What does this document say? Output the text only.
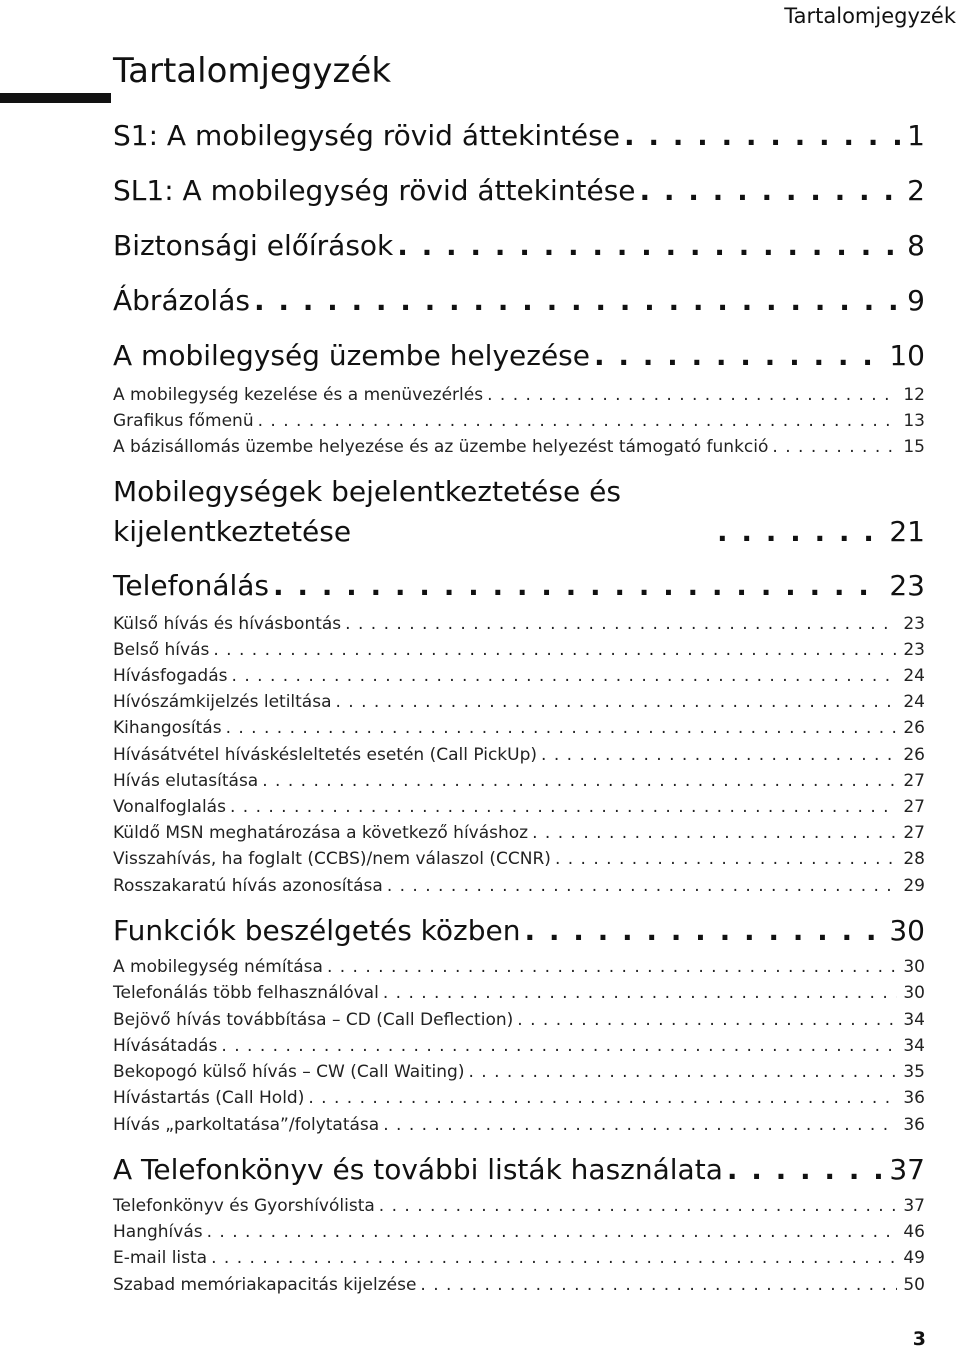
Tartalomjegyzék
Tartalomjegyzék
S1: A mobilegység rövid áttekintése . . .	1
SL1: A mobilegység rövid áttekintése . . .	2
Biztonsági előírások . . .	8
Ábrázolás . . .	9
A mobilegység üzembe helyezése . . .	10
A mobilegység kezelése és a menüvezérlés . . .	12
Grafikus főmenü . . .	13
A bázisállomás üzembe helyezése és az üzembe helyezést támogató funkció . . .	15
Mobilegységek bejelentkeztetése és kijelentkeztetése . . .	21
Telefonálás . . .	23
Külső hívás és hívásbontás . . .	23
Belső hívás . . .	23
Hívásfogadás . . .	24
Hívószámkijelzés letiltása . . .	24
Kihangosítás . . .	26
Hívásátvétel híváskésleltetés esetén (Call PickUp) . . .	26
Hívás elutasítása . . .	27
Vonalfoglalás . . .	27
Küldő MSN meghatározása a következő híváshoz . . .	27
Visszahívás, ha foglalt (CCBS)/nem válaszol (CCNR) . . .	28
Rosszakaratú hívás azonosítása . . .	29
Funkciók beszélgetés közben . . .	30
A mobilegység némítása . . .	30
Telefonálás több felhasználóval . . .	30
Bejövő hívás továbbítása – CD (Call Deflection) . . .	34
Hívásátadás . . .	34
Bekopogó külső hívás – CW (Call Waiting) . . .	35
Hívástartás (Call Hold) . . .	36
Hívás „parkoltatása”/folytatása . . .	36
A Telefonkönyv és további listák használata . . .	37
Telefonkönyv és Gyorshívólista . . .	37
Hanghívás . . .	46
E-mail lista . . .	49
Szabad memóriakapacitás kijelzése . . .	50
3
